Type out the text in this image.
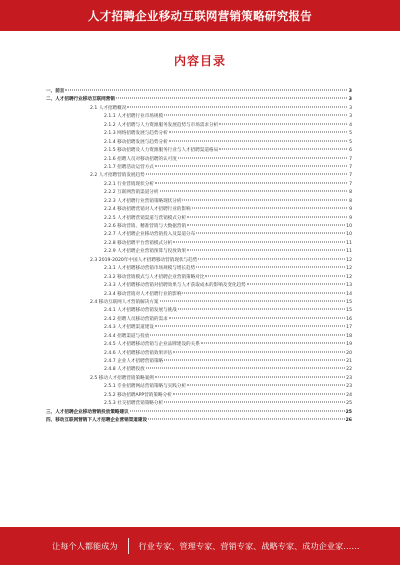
人才招聘企业移动互联网营销策略研究报告
内容目录
一、前言	3
二、人才招聘行业移动互联网营销	3
2.1 人才招聘概况	3
2.1.1 人才招聘行业市场规模	3
2.1.2 人才招聘与人力资源服务发展趋势与市场需求分析	4
2.1.3 网络招聘发展与趋势分析	5
2.1.4 移动招聘发展与趋势分析	5
2.1.5 移动招聘及人力资源服务行业与人才招聘渠道格局	6
2.1.6 招聘人员对移动招聘的认可度	7
2.1.7 招聘活动运营方式	7
2.2 人才招聘营销发展趋势	7
2.2.1 行业营销现状分析	7
2.2.2 互联网营销渠道分析	8
2.2.3 人才招聘行业营销策略现状分析	8
2.2.4 移动招聘营销对人才招聘行业的影响	9
2.2.5 人才招聘营销渠道与营销模式分析	9
2.2.6 移动营销、精准营销与大数据营销	10
2.2.7 人才招聘企业移动营销投入及渠道分布	10
2.2.8 移动招聘平台营销模式分析	11
2.2.9 人才招聘企业营销预算与投放效果	11
2.3 2019-2020年中国人才招聘移动营销现状与趋势	12
2.3.1 人才招聘移动营销市场规模与增长趋势	12
2.3.2 移动营销模式与人才招聘企业营销策略对比	12
2.3.3 人才招聘移动营销对招聘效果与人才获取成本的影响及变化趋势	13
2.3.4 移动营销对人才招聘行业的影响	14
2.4 移动互联网人才营销解决方案	15
2.4.1 人才招聘移动营销发展与挑战	15
2.4.2 招聘人员移动营销的需求	16
2.4.3 人才招聘渠道建设	17
2.4.4 招聘渠道与投放	18
2.4.5 人才招聘移动营销与企业品牌建设的关系	19
2.4.6 人才招聘移动营销效果评估	20
2.4.7 企业人才招聘营销策略	21
2.4.8 人才招聘投放	22
2.5 移动人才招聘营销策略案例	23
2.5.1 专业招聘网站营销策略与实践分析	23
2.5.2 移动招聘APP营销策略分析	24
2.5.3 社交招聘营销策略分析	25
三、人才招聘企业移动营销投放策略建议	25
四、移动互联网营销下人才招聘企业营销渠道建设	26
让每个人都能成为	行业专家、管理专家、营销专家、战略专家、成功企业家……
